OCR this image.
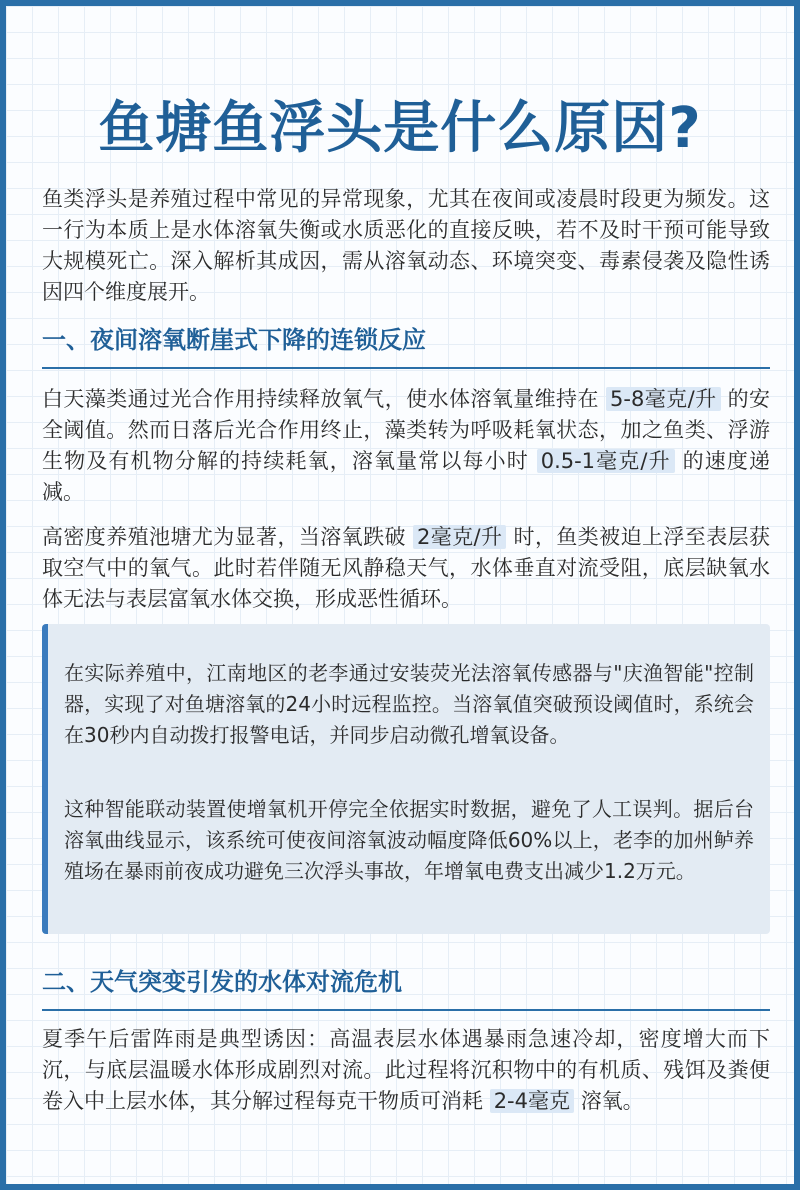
鱼塘鱼浮头是什么原因?

鱼类浮头是养殖过程中常见的异常现象，尤其在夜间或凌晨时段更为频发。这一行为本质上是水体溶氧失衡或水质恶化的直接反映，若不及时干预可能导致大规模死亡。深入解析其成因，需从溶氧动态、环境突变、毒素侵袭及隐性诱因四个维度展开。

一、夜间溶氧断崖式下降的连锁反应

白天藻类通过光合作用持续释放氧气，使水体溶氧量维持在 5-8毫克/升 的安全阈值。然而日落后光合作用终止，藻类转为呼吸耗氧状态，加之鱼类、浮游生物及有机物分解的持续耗氧，溶氧量常以每小时 0.5-1毫克/升 的速度递减。

高密度养殖池塘尤为显著，当溶氧跌破 2毫克/升 时，鱼类被迫上浮至表层获取空气中的氧气。此时若伴随无风静稳天气，水体垂直对流受阻，底层缺氧水体无法与表层富氧水体交换，形成恶性循环。

在实际养殖中，江南地区的老李通过安装荧光法溶氧传感器与"庆渔智能"控制器，实现了对鱼塘溶氧的24小时远程监控。当溶氧值突破预设阈值时，系统会在30秒内自动拨打报警电话，并同步启动微孔增氧设备。

这种智能联动装置使增氧机开停完全依据实时数据，避免了人工误判。据后台溶氧曲线显示，该系统可使夜间溶氧波动幅度降低60%以上，老李的加州鲈养殖场在暴雨前夜成功避免三次浮头事故，年增氧电费支出减少1.2万元。

二、天气突变引发的水体对流危机

夏季午后雷阵雨是典型诱因：高温表层水体遇暴雨急速冷却，密度增大而下沉，与底层温暖水体形成剧烈对流。此过程将沉积物中的有机质、残饵及粪便卷入中上层水体，其分解过程每克干物质可消耗 2-4毫克 溶氧。
